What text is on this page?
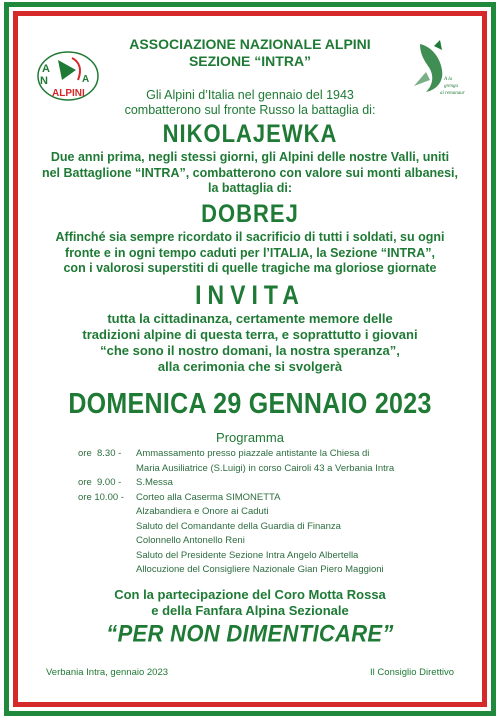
A
N	A
ALPINI
A la
grenga
ai remanaur
ASSOCIAZIONE NAZIONALE ALPINI
SEZIONE “INTRA”
Gli Alpini d’Italia nel gennaio del 1943
combatterono sul fronte Russo la battaglia di:
NIKOLAJEWKA
Due anni prima, negli stessi giorni, gli Alpini delle nostre Valli, uniti
nel Battaglione “INTRA”, combatterono con valore sui monti albanesi,
la battaglia di:
DOBREJ
Affinché sia sempre ricordato il sacrificio di tutti i soldati, su ogni
fronte e in ogni tempo caduti per l’ITALIA, la Sezione “INTRA”,
con i valorosi superstiti di quelle tragiche ma gloriose giornate
INVITA
tutta la cittadinanza, certamente memore delle
tradizioni alpine di questa terra, e soprattutto i giovani
“che sono il nostro domani, la nostra speranza”,
alla cerimonia che si svolgerà
DOMENICA 29 GENNAIO 2023
Programma
ore  8.30 -	Ammassamento presso piazzale antistante la Chiesa di
Maria Ausiliatrice (S.Luigi) in corso Cairoli 43 a Verbania Intra
ore  9.00 -	S.Messa
ore 10.00 -	Corteo alla Caserma SIMONETTA
Alzabandiera e Onore ai Caduti
Saluto del Comandante della Guardia di Finanza
Colonnello Antonello Reni
Saluto del Presidente Sezione Intra Angelo Albertella
Allocuzione del Consigliere Nazionale Gian Piero Maggioni
Con la partecipazione del Coro Motta Rossa
e della Fanfara Alpina Sezionale
“PER NON DIMENTICARE”
Verbania Intra, gennaio 2023	Il Consiglio Direttivo
